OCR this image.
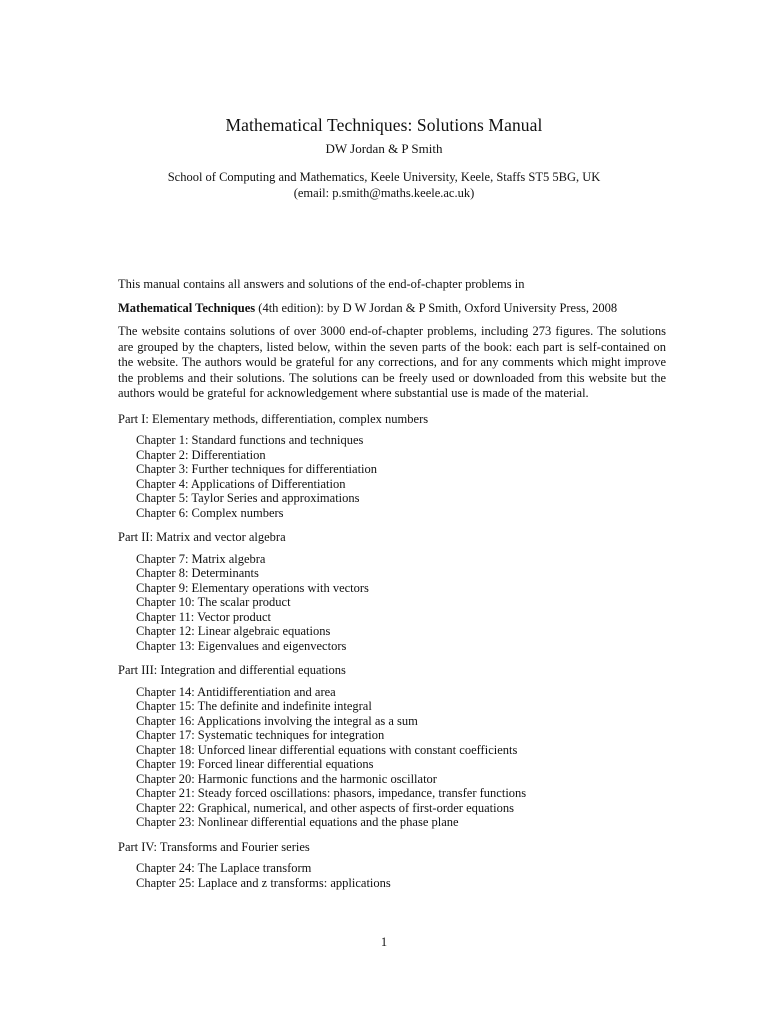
Mathematical Techniques: Solutions Manual
DW Jordan & P Smith
School of Computing and Mathematics, Keele University, Keele, Staffs ST5 5BG, UK
(email: p.smith@maths.keele.ac.uk)

This manual contains all answers and solutions of the end-of-chapter problems in

Mathematical Techniques (4th edition): by D W Jordan & P Smith, Oxford University Press, 2008

The website contains solutions of over 3000 end-of-chapter problems, including 273 figures. The solutions are grouped by the chapters, listed below, within the seven parts of the book: each part is self-contained on the website. The authors would be grateful for any corrections, and for any comments which might improve the problems and their solutions. The solutions can be freely used or downloaded from this website but the authors would be grateful for acknowledgement where substantial use is made of the material.

Part I: Elementary methods, differentiation, complex numbers
Chapter 1: Standard functions and techniques
Chapter 2: Differentiation
Chapter 3: Further techniques for differentiation
Chapter 4: Applications of Differentiation
Chapter 5: Taylor Series and approximations
Chapter 6: Complex numbers
Part II: Matrix and vector algebra
Chapter 7: Matrix algebra
Chapter 8: Determinants
Chapter 9: Elementary operations with vectors
Chapter 10: The scalar product
Chapter 11: Vector product
Chapter 12: Linear algebraic equations
Chapter 13: Eigenvalues and eigenvectors
Part III: Integration and differential equations
Chapter 14: Antidifferentiation and area
Chapter 15: The definite and indefinite integral
Chapter 16: Applications involving the integral as a sum
Chapter 17: Systematic techniques for integration
Chapter 18: Unforced linear differential equations with constant coefficients
Chapter 19: Forced linear differential equations
Chapter 20: Harmonic functions and the harmonic oscillator
Chapter 21: Steady forced oscillations: phasors, impedance, transfer functions
Chapter 22: Graphical, numerical, and other aspects of first-order equations
Chapter 23: Nonlinear differential equations and the phase plane
Part IV: Transforms and Fourier series
Chapter 24: The Laplace transform
Chapter 25: Laplace and z transforms: applications
1
